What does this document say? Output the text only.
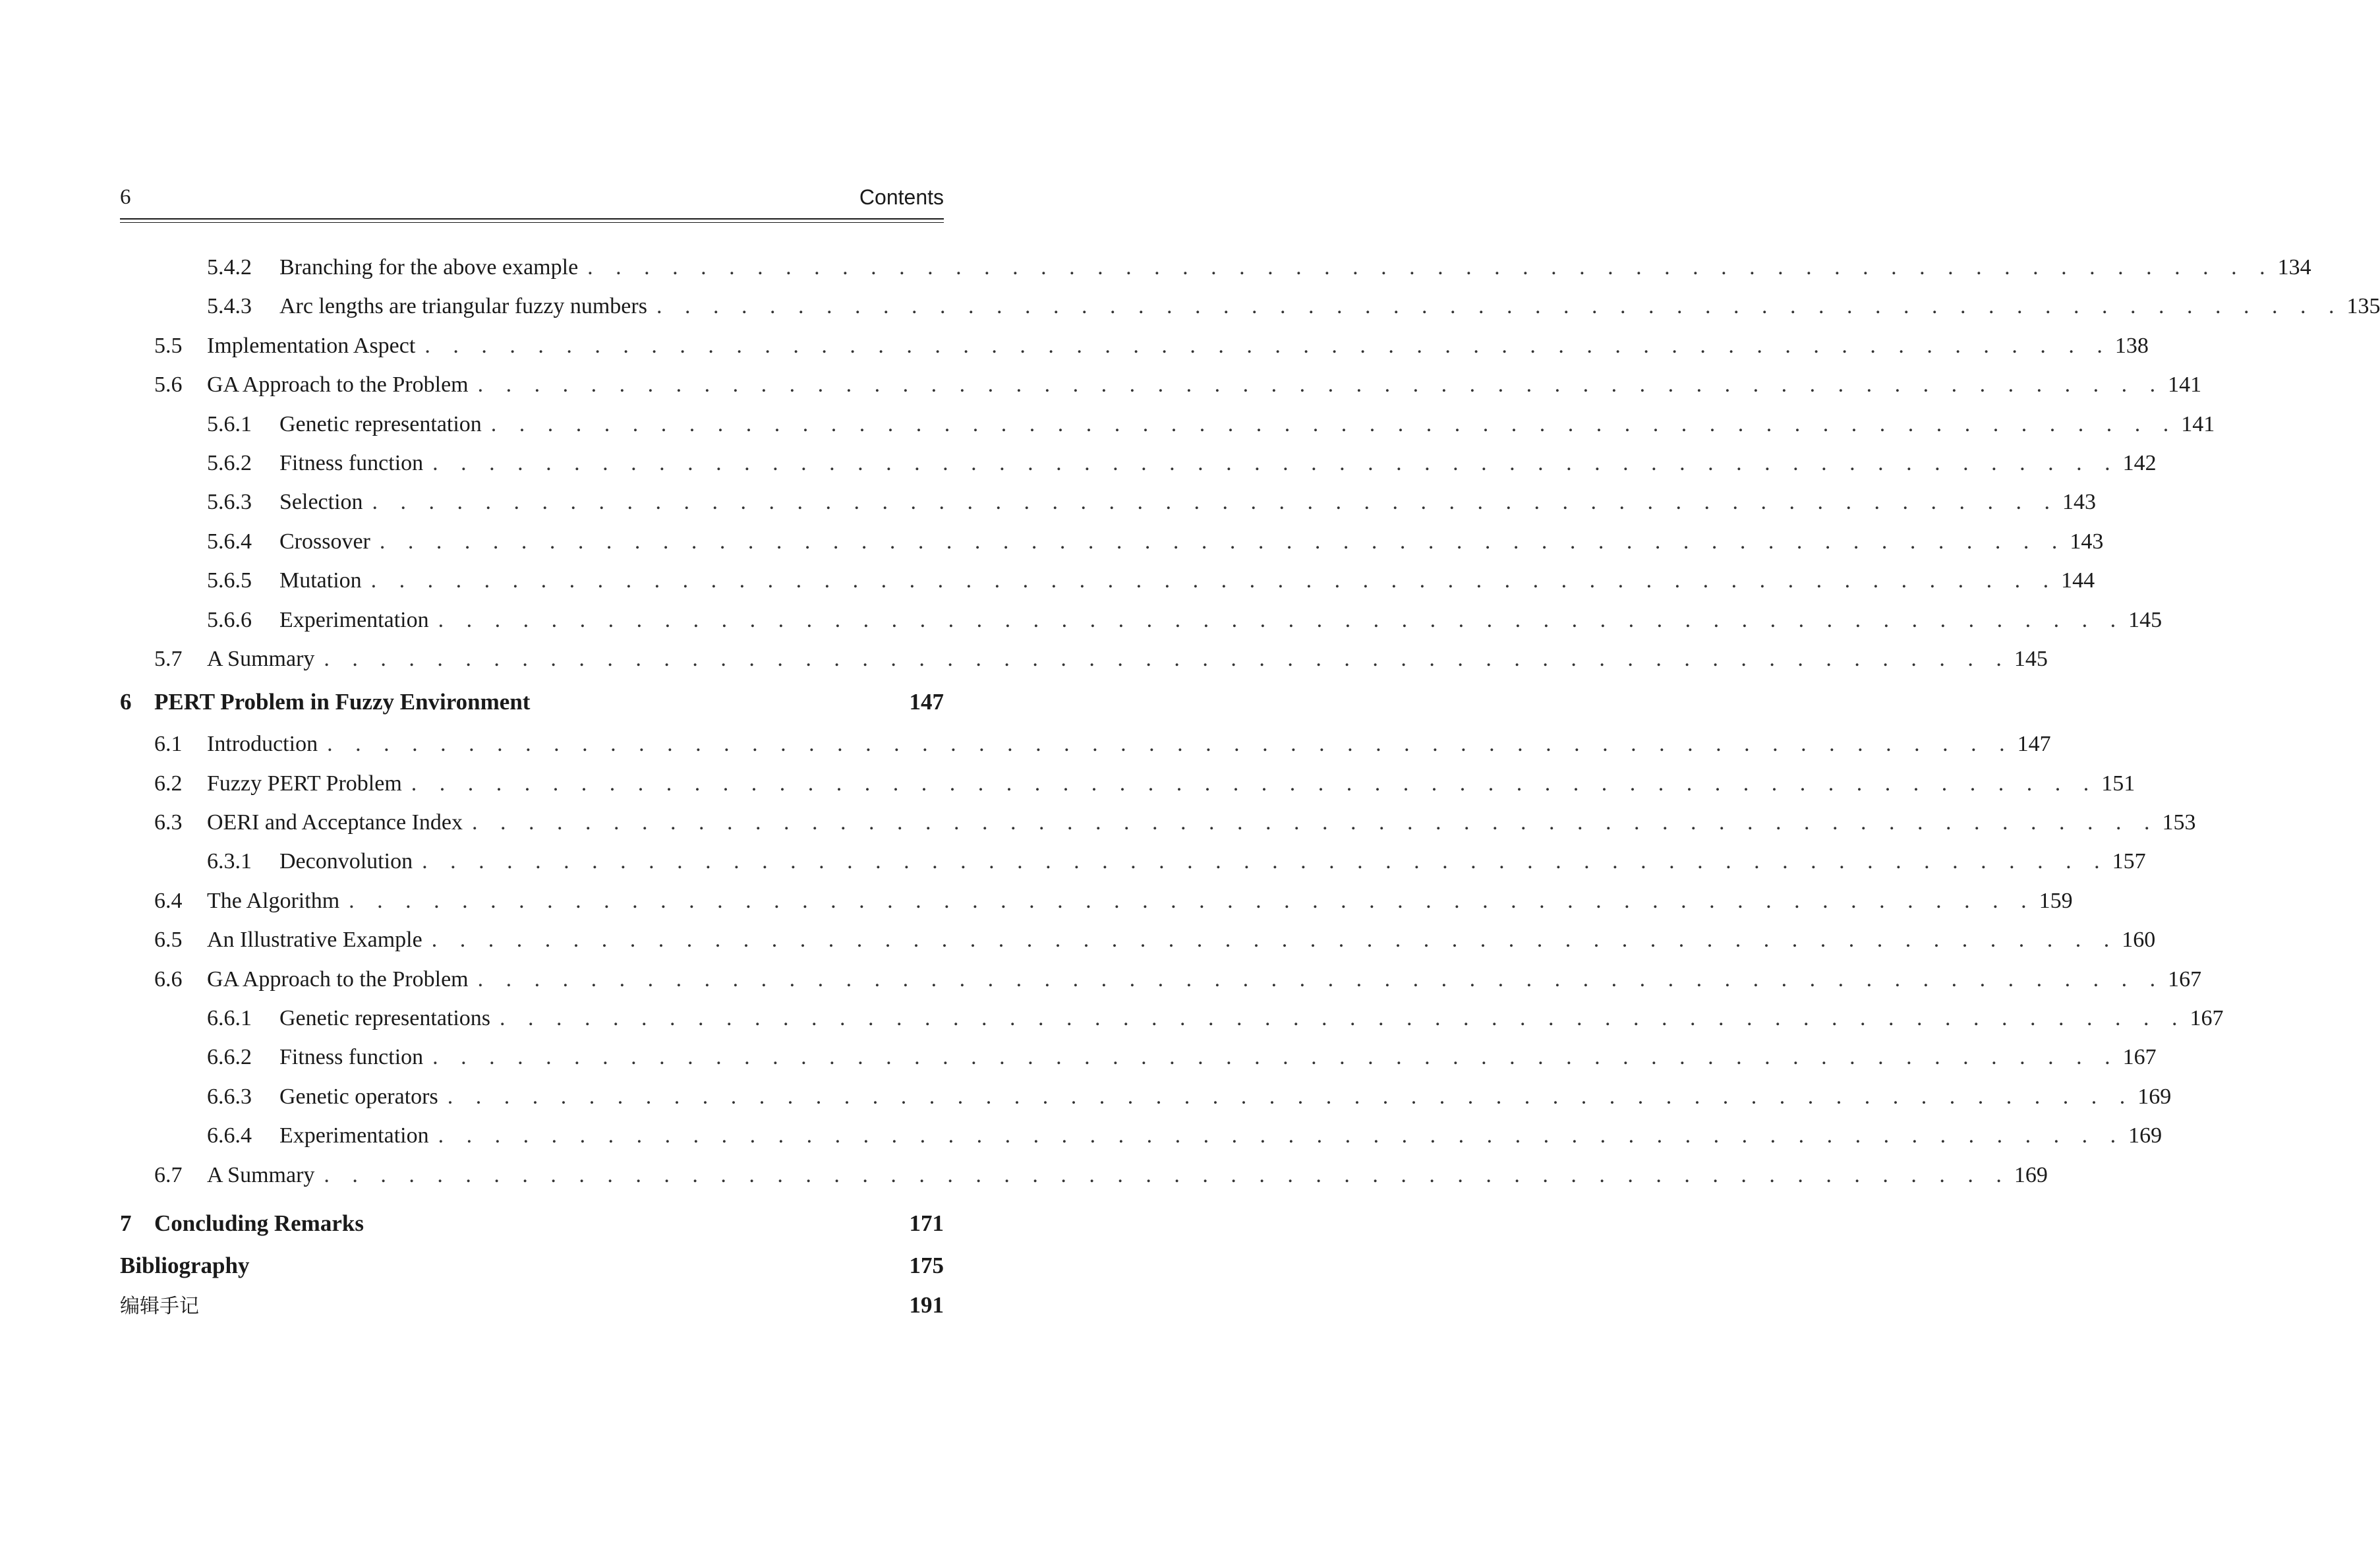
6	Contents
5.4.2	Branching for the above example . . . . . . . . . . . . . . . . . . . . . . . . . . . . . . . . . . . . . . . . . . . . . . . . . . . . . . . . . . . . 134
5.4.3	Arc lengths are triangular fuzzy numbers . . . . . . . . . . . . . . . . . . . . . . . . . . . . . . . . . . . . . . . . . . . . . . . . . . . . . . . . . . . . 135
5.5	Implementation Aspect . . . . . . . . . . . . . . . . . . . . . . . . . . . . . . . . . . . . . . . . . . . . . . . . . . . . . . . . . . . . 138
5.6	GA Approach to the Problem . . . . . . . . . . . . . . . . . . . . . . . . . . . . . . . . . . . . . . . . . . . . . . . . . . . . . . . . . . . . 141
5.6.1	Genetic representation . . . . . . . . . . . . . . . . . . . . . . . . . . . . . . . . . . . . . . . . . . . . . . . . . . . . . . . . . . . . 141
5.6.2	Fitness function . . . . . . . . . . . . . . . . . . . . . . . . . . . . . . . . . . . . . . . . . . . . . . . . . . . . . . . . . . . . 142
5.6.3	Selection . . . . . . . . . . . . . . . . . . . . . . . . . . . . . . . . . . . . . . . . . . . . . . . . . . . . . . . . . . . . 143
5.6.4	Crossover . . . . . . . . . . . . . . . . . . . . . . . . . . . . . . . . . . . . . . . . . . . . . . . . . . . . . . . . . . . . 143
5.6.5	Mutation . . . . . . . . . . . . . . . . . . . . . . . . . . . . . . . . . . . . . . . . . . . . . . . . . . . . . . . . . . . . 144
5.6.6	Experimentation . . . . . . . . . . . . . . . . . . . . . . . . . . . . . . . . . . . . . . . . . . . . . . . . . . . . . . . . . . . . 145
5.7	A Summary . . . . . . . . . . . . . . . . . . . . . . . . . . . . . . . . . . . . . . . . . . . . . . . . . . . . . . . . . . . . 145
6 PERT Problem in Fuzzy Environment	147
6.1	Introduction . . . . . . . . . . . . . . . . . . . . . . . . . . . . . . . . . . . . . . . . . . . . . . . . . . . . . . . . . . . . 147
6.2	Fuzzy PERT Problem . . . . . . . . . . . . . . . . . . . . . . . . . . . . . . . . . . . . . . . . . . . . . . . . . . . . . . . . . . . . 151
6.3	OERI and Acceptance Index . . . . . . . . . . . . . . . . . . . . . . . . . . . . . . . . . . . . . . . . . . . . . . . . . . . . . . . . . . . . 153
6.3.1	Deconvolution . . . . . . . . . . . . . . . . . . . . . . . . . . . . . . . . . . . . . . . . . . . . . . . . . . . . . . . . . . . . 157
6.4	The Algorithm . . . . . . . . . . . . . . . . . . . . . . . . . . . . . . . . . . . . . . . . . . . . . . . . . . . . . . . . . . . . 159
6.5	An Illustrative Example . . . . . . . . . . . . . . . . . . . . . . . . . . . . . . . . . . . . . . . . . . . . . . . . . . . . . . . . . . . . 160
6.6	GA Approach to the Problem . . . . . . . . . . . . . . . . . . . . . . . . . . . . . . . . . . . . . . . . . . . . . . . . . . . . . . . . . . . . 167
6.6.1	Genetic representations . . . . . . . . . . . . . . . . . . . . . . . . . . . . . . . . . . . . . . . . . . . . . . . . . . . . . . . . . . . . 167
6.6.2	Fitness function . . . . . . . . . . . . . . . . . . . . . . . . . . . . . . . . . . . . . . . . . . . . . . . . . . . . . . . . . . . . 167
6.6.3	Genetic operators . . . . . . . . . . . . . . . . . . . . . . . . . . . . . . . . . . . . . . . . . . . . . . . . . . . . . . . . . . . . 169
6.6.4	Experimentation . . . . . . . . . . . . . . . . . . . . . . . . . . . . . . . . . . . . . . . . . . . . . . . . . . . . . . . . . . . . 169
6.7	A Summary . . . . . . . . . . . . . . . . . . . . . . . . . . . . . . . . . . . . . . . . . . . . . . . . . . . . . . . . . . . . 169
7 Concluding Remarks	171
Bibliography	175
编辑手记	191
